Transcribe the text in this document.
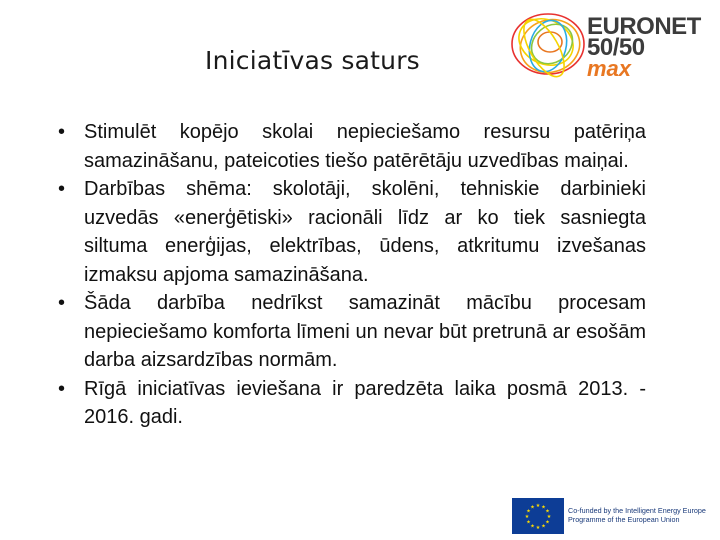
Iniciatīvas saturs
EURONET
50/50
max
• Stimulēt kopējo skolai nepieciešamo resursu patēriņa samazināšanu, pateicoties tiešo patērētāju uzvedības maiņai.
• Darbības shēma: skolotāji, skolēni, tehniskie darbinieki uzvedās «enerģētiski» racionāli līdz ar ko tiek sasniegta siltuma enerģijas, elektrības, ūdens, atkritumu izvešanas izmaksu apjoma samazināšana.
• Šāda darbība nedrīkst samazināt mācību procesam nepieciešamo komforta līmeni un nevar būt pretrunā ar esošām darba aizsardzības normām.
• Rīgā iniciatīvas ieviešana ir paredzēta laika posmā 2013. - 2016. gadi.
★
★
★
★
★
★
★
★
★ ★ ★
★	Co-funded by the Intelligent Energy Europe
Programme of the European Union
